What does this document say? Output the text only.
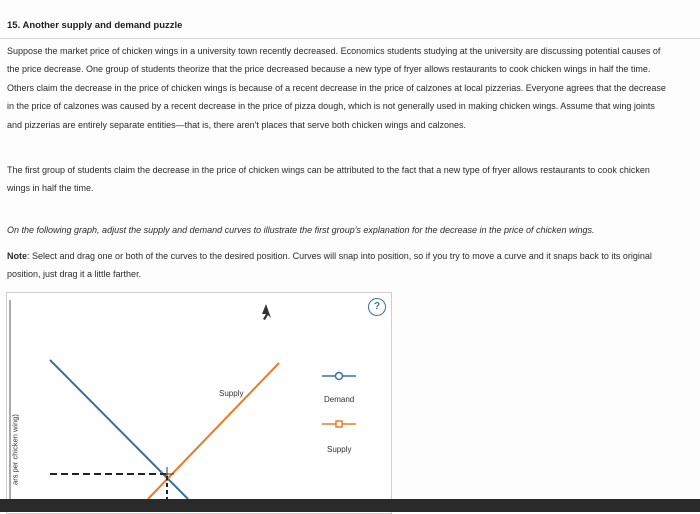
15. Another supply and demand puzzle

Suppose the market price of chicken wings in a university town recently decreased. Economics students studying at the university are discussing potential causes of the price decrease. One group of students theorize that the price decreased because a new type of fryer allows restaurants to cook chicken wings in half the time. Others claim the decrease in the price of chicken wings is because of a recent decrease in the price of calzones at local pizzerias. Everyone agrees that the decrease in the price of calzones was caused by a recent decrease in the price of pizza dough, which is not generally used in making chicken wings. Assume that wing joints and pizzerias are entirely separate entities—that is, there aren't places that serve both chicken wings and calzones.

The first group of students claim the decrease in the price of chicken wings can be attributed to the fact that a new type of fryer allows restaurants to cook chicken wings in half the time.

On the following graph, adjust the supply and demand curves to illustrate the first group's explanation for the decrease in the price of chicken wings.

Note: Select and drag one or both of the curves to the desired position. Curves will snap into position, so if you try to move a curve and it snaps back to its original position, just drag it a little farther.

?
ars per chicken wing)
Supply
Demand
Supply
